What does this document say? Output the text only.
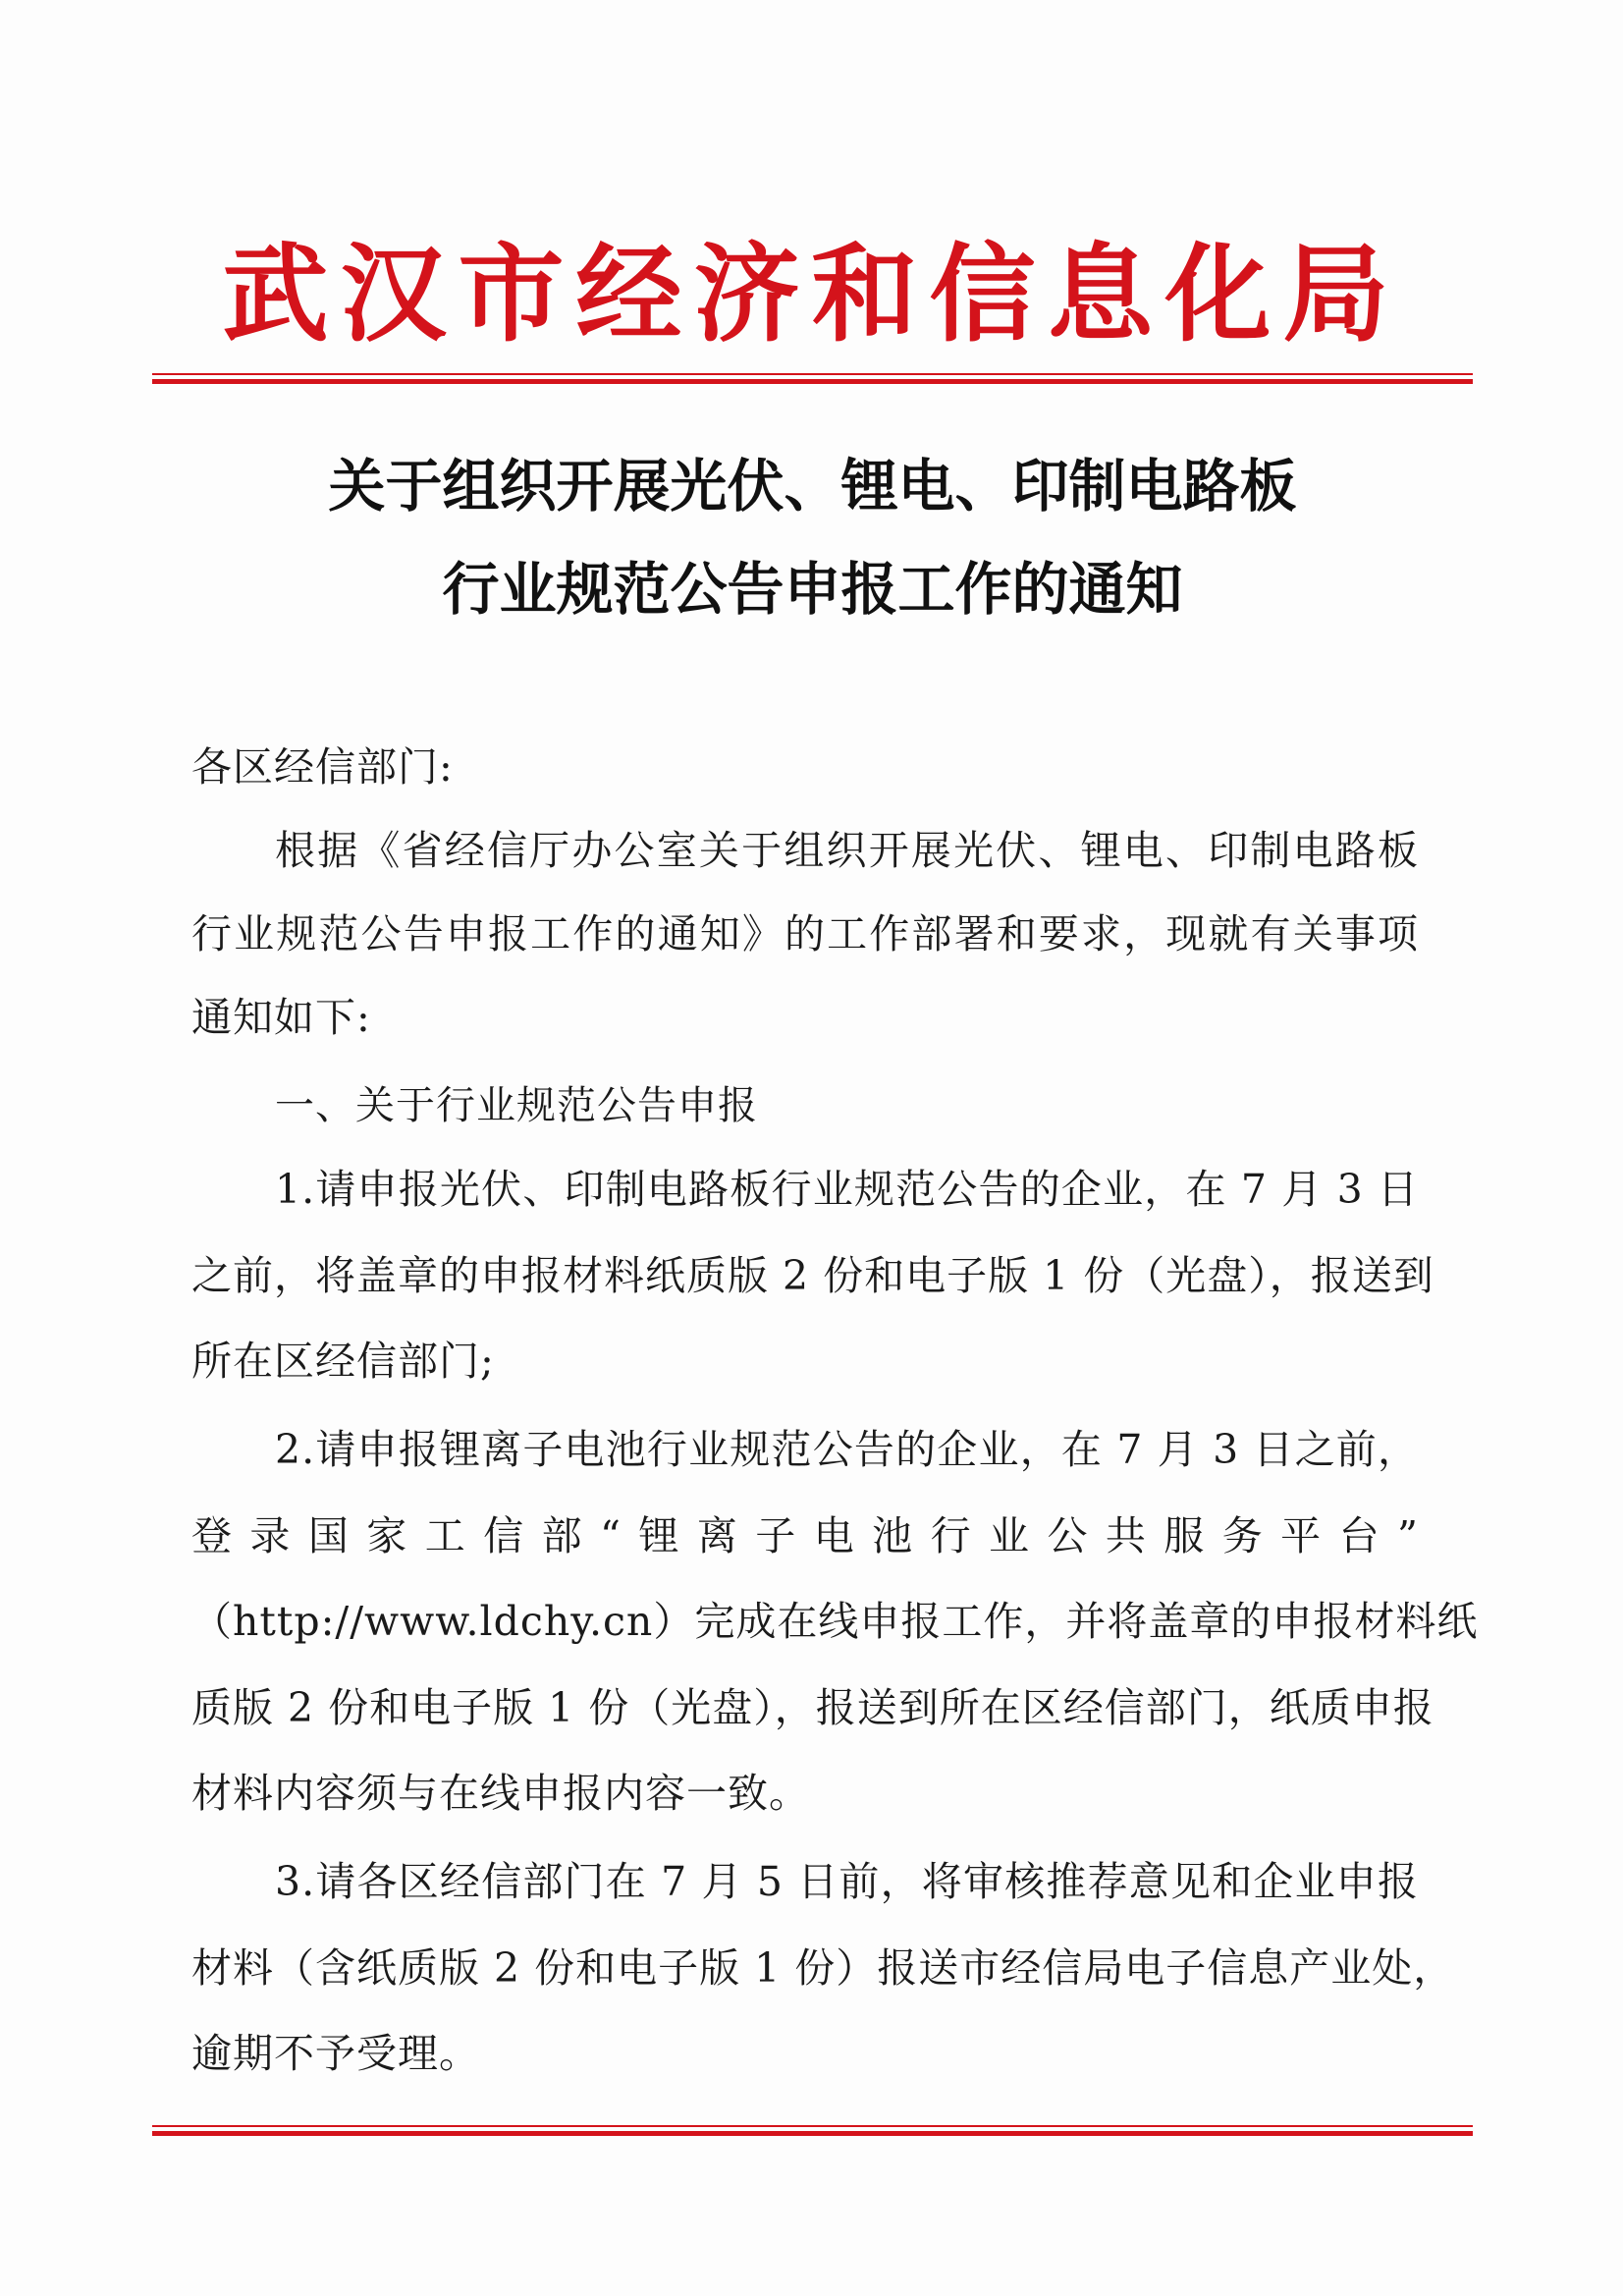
武汉市经济和信息化局
关于组织开展光伏、锂电、印制电路板
行业规范公告申报工作的通知
各区经信部门:
根据《省经信厅办公室关于组织开展光伏、锂电、印制电路板
行业规范公告申报工作的通知》的工作部署和要求，现就有关事项
通知如下:
一、关于行业规范公告申报
1.请申报光伏、印制电路板行业规范公告的企业，在 7 月 3 日
之前，将盖章的申报材料纸质版 2 份和电子版 1 份（光盘），报送到
所在区经信部门;
2.请申报锂离子电池行业规范公告的企业，在 7 月 3 日之前，
登录国家工信部“锂离子电池行业公共服务平台”
（http://www.ldchy.cn）完成在线申报工作，并将盖章的申报材料纸
质版 2 份和电子版 1 份（光盘），报送到所在区经信部门，纸质申报
材料内容须与在线申报内容一致。
3.请各区经信部门在 7 月 5 日前，将审核推荐意见和企业申报
材料（含纸质版 2 份和电子版 1 份）报送市经信局电子信息产业处，
逾期不予受理。
